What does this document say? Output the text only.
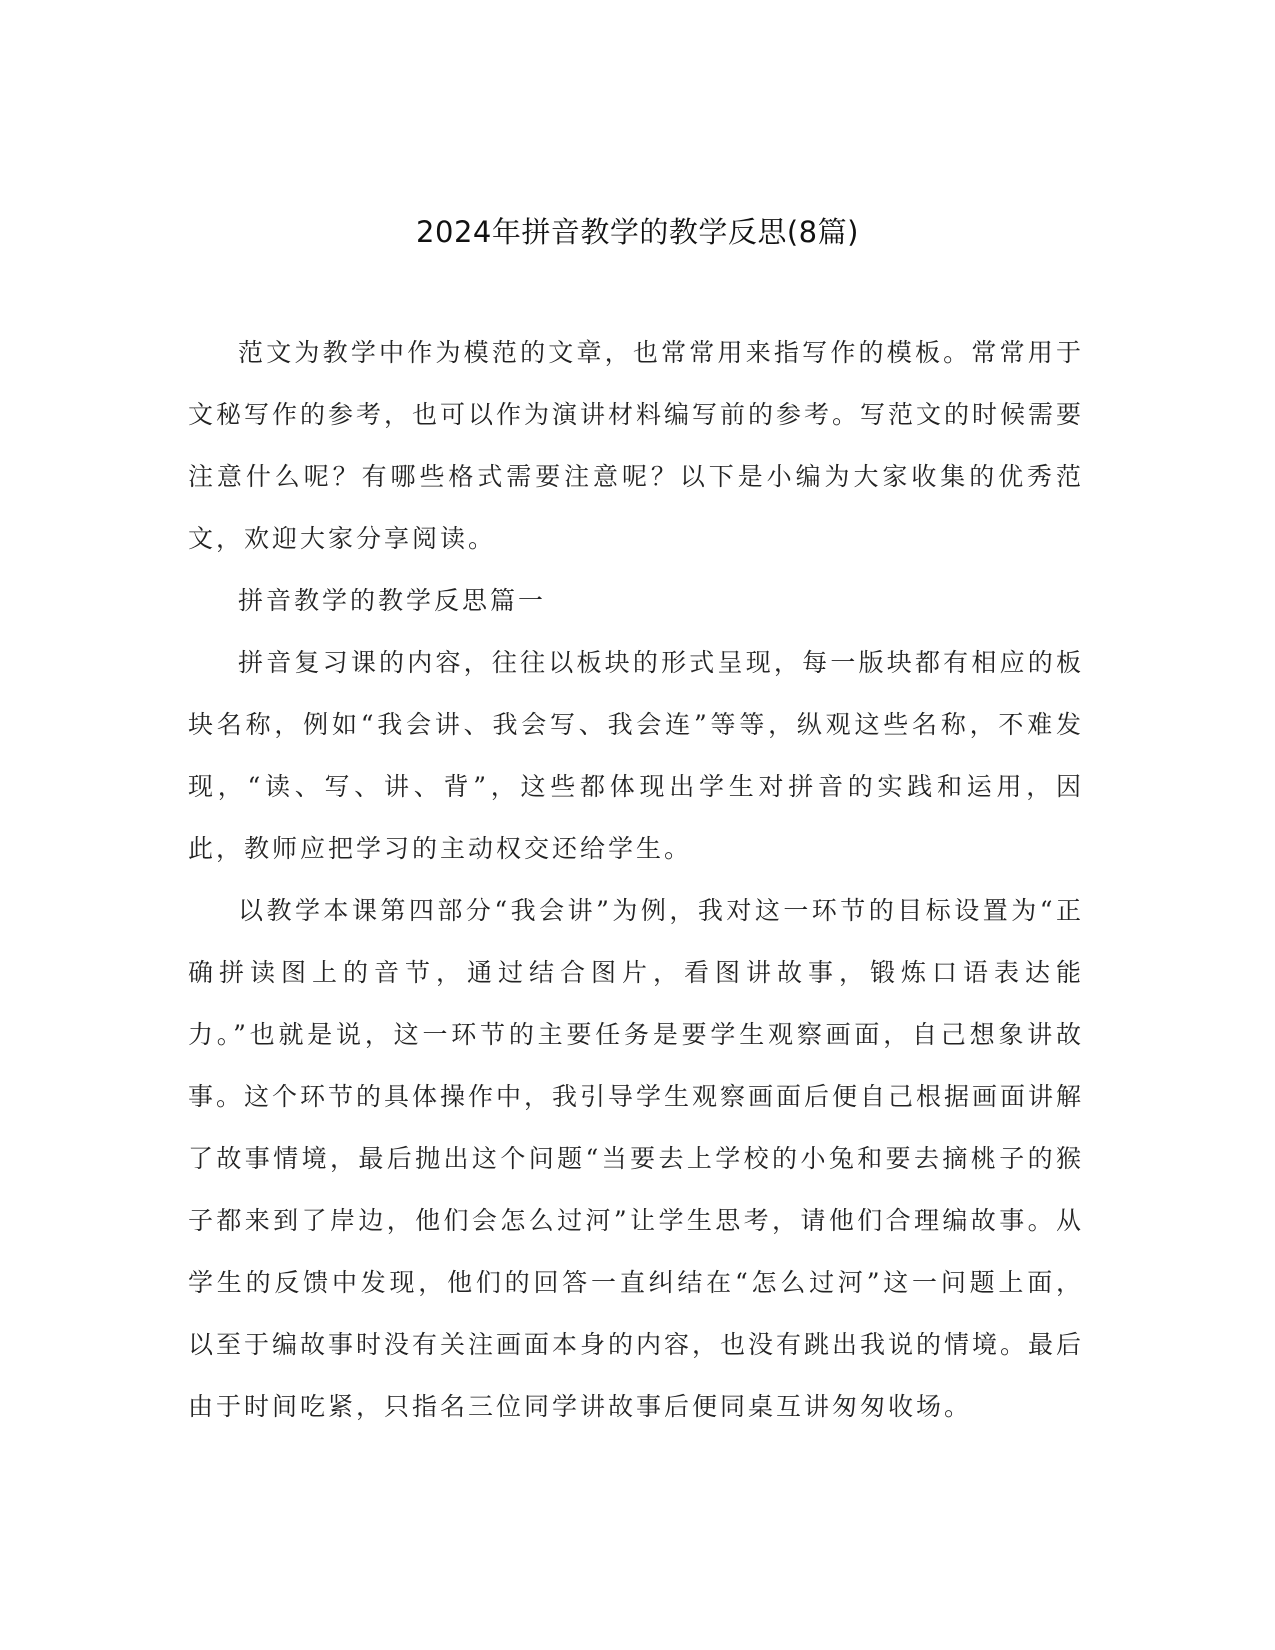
2024年拼音教学的教学反思(8篇)

范文为教学中作为模范的文章，也常常用来指写作的模板。常常用于文秘写作的参考，也可以作为演讲材料编写前的参考。写范文的时候需要注意什么呢？有哪些格式需要注意呢？以下是小编为大家收集的优秀范文，欢迎大家分享阅读。

拼音教学的教学反思篇一

拼音复习课的内容，往往以板块的形式呈现，每一版块都有相应的板块名称，例如“我会讲、我会写、我会连”等等，纵观这些名称，不难发现，“读、写、讲、背”，这些都体现出学生对拼音的实践和运用，因此，教师应把学习的主动权交还给学生。

以教学本课第四部分“我会讲”为例，我对这一环节的目标设置为“正确拼读图上的音节，通过结合图片，看图讲故事，锻炼口语表达能力。”也就是说，这一环节的主要任务是要学生观察画面，自己想象讲故事。这个环节的具体操作中，我引导学生观察画面后便自己根据画面讲解了故事情境，最后抛出这个问题“当要去上学校的小兔和要去摘桃子的猴子都来到了岸边，他们会怎么过河”让学生思考，请他们合理编故事。从学生的反馈中发现，他们的回答一直纠结在“怎么过河”这一问题上面，以至于编故事时没有关注画面本身的内容，也没有跳出我说的情境。最后由于时间吃紧，只指名三位同学讲故事后便同桌互讲匆匆收场。
